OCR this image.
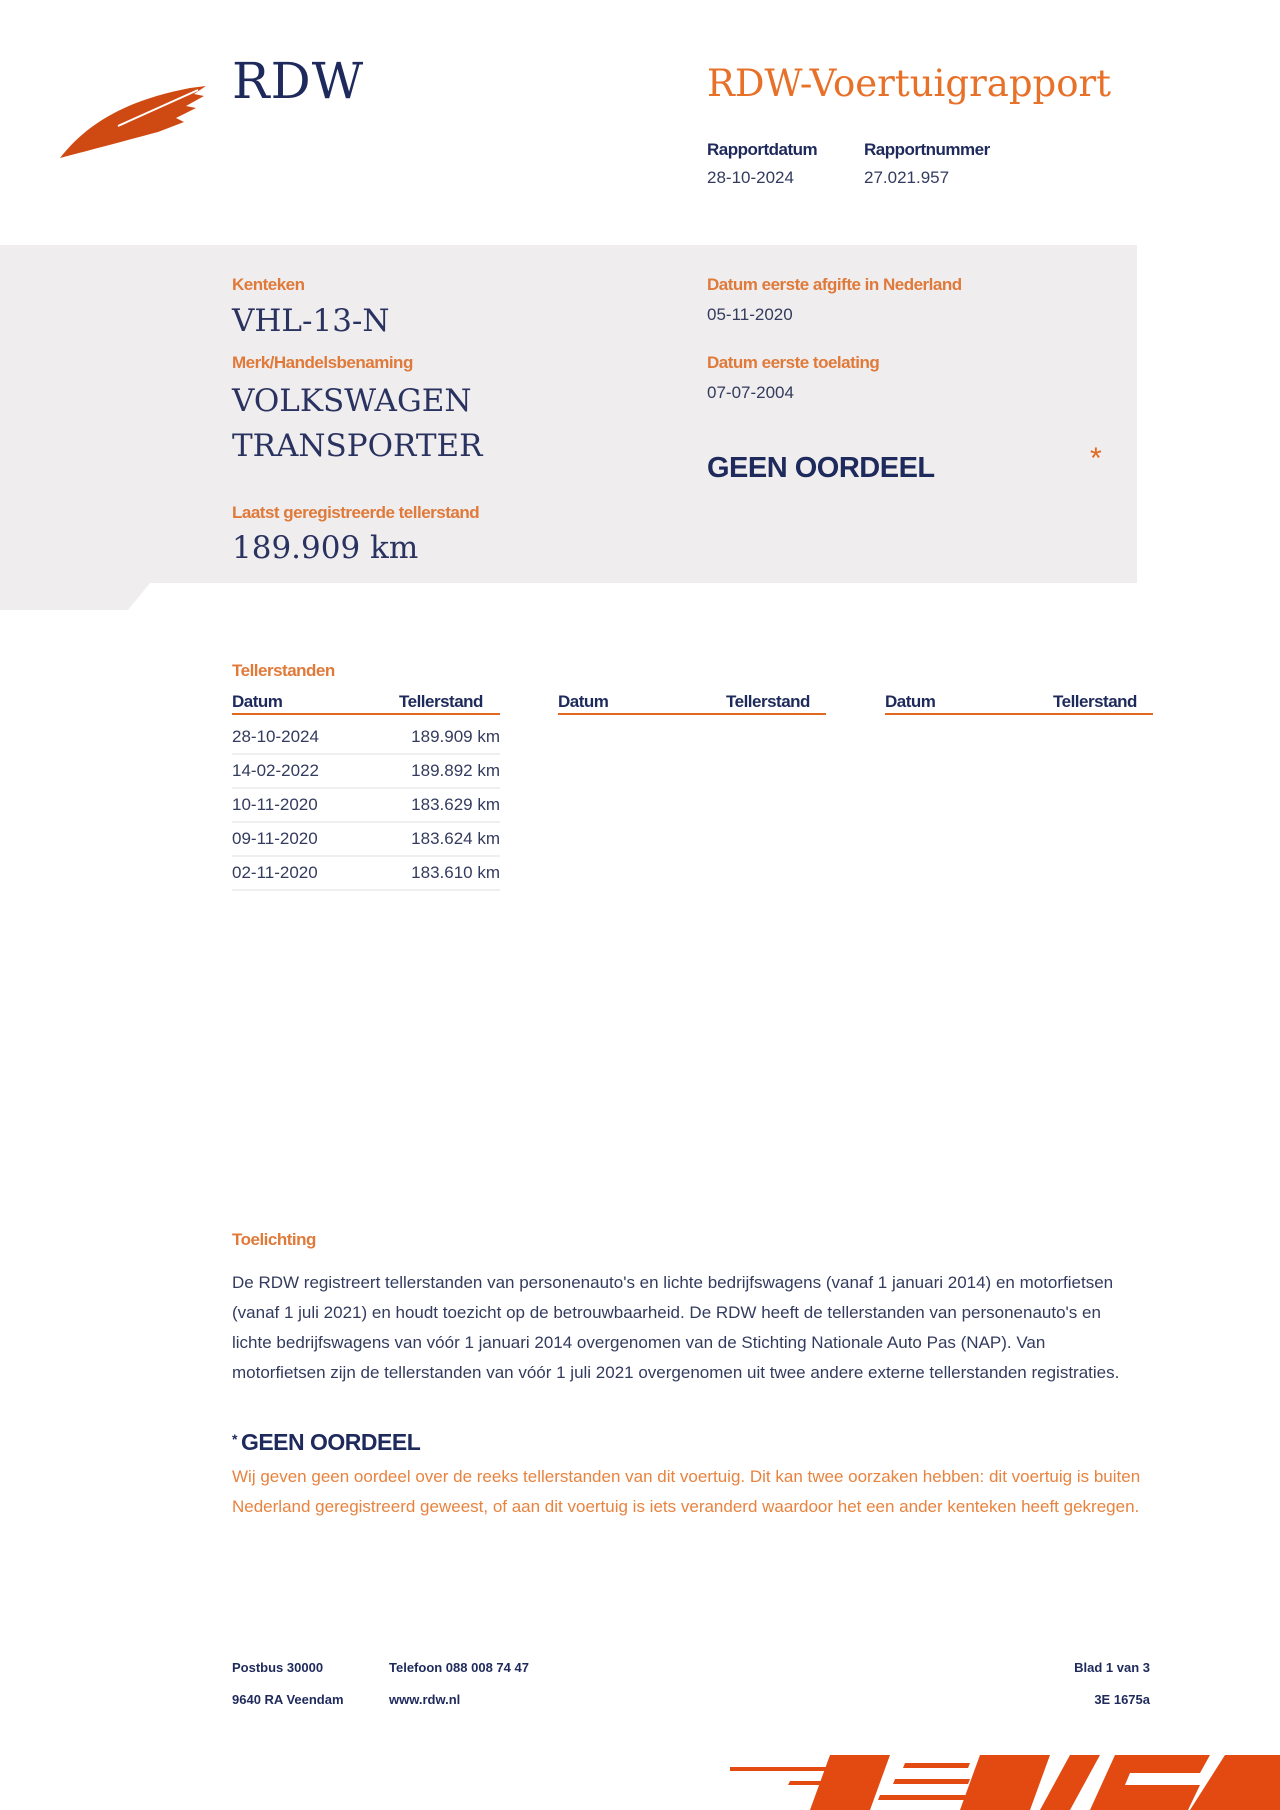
RDW	RDW-Voertuigrapport
Rapportdatum
28-10-2024
Rapportnummer
27.021.957
Kenteken
VHL-13-N
Merk/Handelsbenaming
VOLKSWAGEN
TRANSPORTER
Laatst geregistreerde tellerstand
189.909 km
Datum eerste afgifte in Nederland
05-11-2020
Datum eerste toelating
07-07-2004
GEEN OORDEEL	*
Tellerstanden
Datum	Tellerstand	Datum	Tellerstand	Datum	Tellerstand
28-10-2024	189.909 km
14-02-2022	189.892 km
10-11-2020	183.629 km
09-11-2020	183.624 km
02-11-2020	183.610 km
Toelichting
De RDW registreert tellerstanden van personenauto's en lichte bedrijfswagens (vanaf 1 januari 2014) en motorfietsen (vanaf 1 juli 2021) en houdt toezicht op de betrouwbaarheid. De RDW heeft de tellerstanden van personenauto's en lichte bedrijfswagens van vóór 1 januari 2014 overgenomen van de Stichting Nationale Auto Pas (NAP). Van motorfietsen zijn de tellerstanden van vóór 1 juli 2021 overgenomen uit twee andere externe tellerstanden registraties.
* GEEN OORDEEL
Wij geven geen oordeel over de reeks tellerstanden van dit voertuig. Dit kan twee oorzaken hebben: dit voertuig is buiten Nederland geregistreerd geweest, of aan dit voertuig is iets veranderd waardoor het een ander kenteken heeft gekregen.
Postbus 30000
9640 RA Veendam
Telefoon 088 008 74 47
www.rdw.nl
Blad 1 van 3
3E 1675a
